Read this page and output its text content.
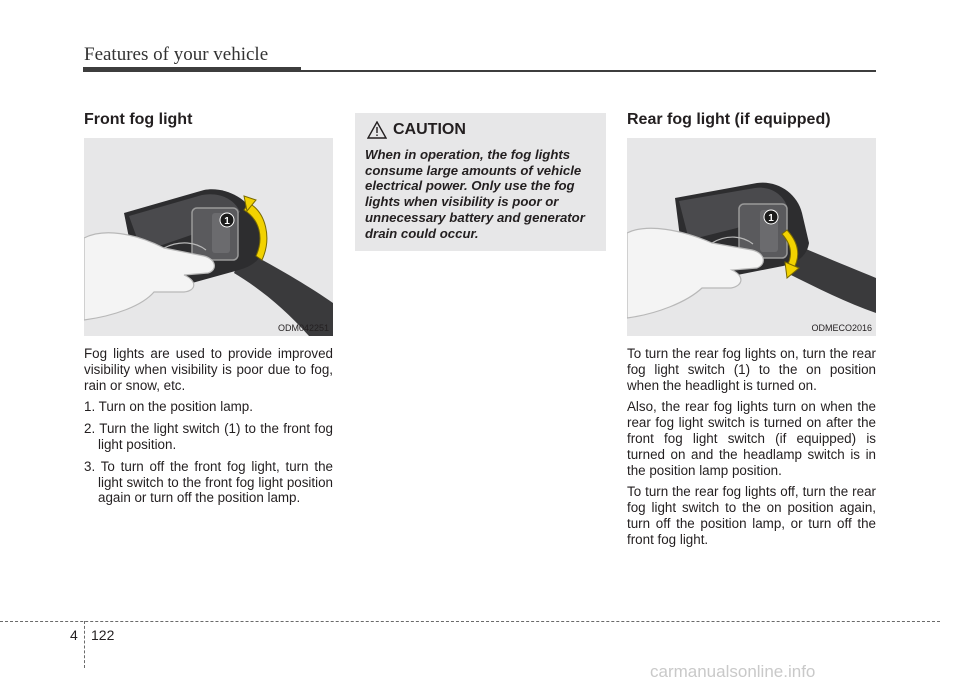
Features of your vehicle
Front fog light
1
ODM042251

Fog lights are used to provide improved visibility when visibility is poor due to fog, rain or snow, etc.

1. Turn on the position lamp.

2. Turn the light switch (1) to the front fog light position.

3. To turn off the front fog light, turn the light switch to the front fog light position again or turn off the position lamp.

CAUTION
When in operation, the fog lights consume large amounts of vehicle electrical power. Only use the fog lights when visibility is poor or unnecessary battery and generator drain could occur.
Rear fog light (if equipped)
1
ODMECO2016

To turn the rear fog lights on, turn the rear fog light switch (1) to the on position when the headlight is turned on.

Also, the rear fog lights turn on when the rear fog light switch is turned on after the front fog light switch (if equipped) is turned on and the headlamp switch is in the position lamp position.

To turn the rear fog lights off, turn the rear fog light switch to the on position again, turn off the position lamp, or turn off the front fog light.

4 122
carmanualsonline.info
